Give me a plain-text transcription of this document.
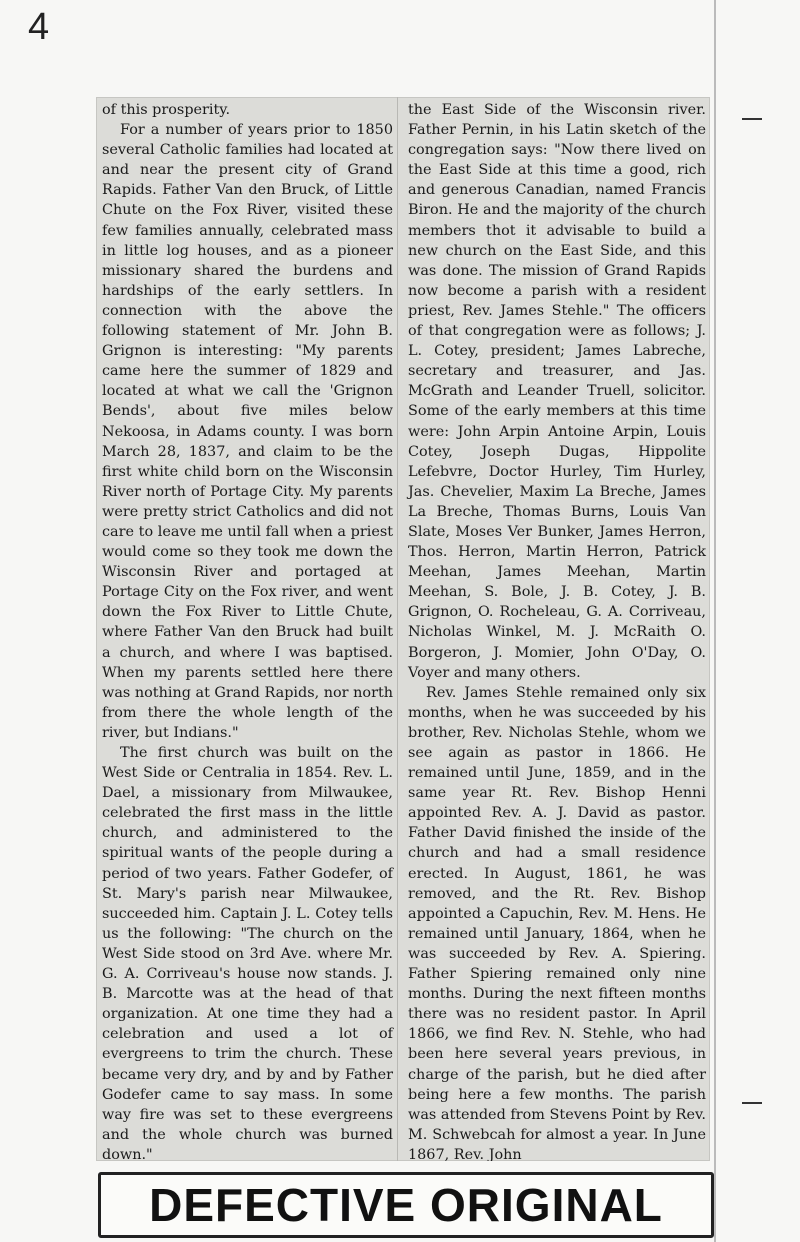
4

of this prosperity.

For a number of years prior to 1850 several Catholic families had located at and near the present city of Grand Rapids. Father Van den Bruck, of Little Chute on the Fox River, visited these few families annually, celebrated mass in little log houses, and as a pioneer missionary shared the burdens and hardships of the early settlers. In connection with the above the following statement of Mr. John B. Grignon is interesting: "My parents came here the summer of 1829 and located at what we call the 'Grignon Bends', about five miles below Nekoosa, in Adams county. I was born March 28, 1837, and claim to be the first white child born on the Wisconsin River north of Portage City. My parents were pretty strict Catholics and did not care to leave me until fall when a priest would come so they took me down the Wisconsin River and portaged at Portage City on the Fox river, and went down the Fox River to Little Chute, where Father Van den Bruck had built a church, and where I was baptised. When my parents settled here there was nothing at Grand Rapids, nor north from there the whole length of the river, but Indians."

The first church was built on the West Side or Centralia in 1854. Rev. L. Dael, a missionary from Milwaukee, celebrated the first mass in the little church, and administered to the spiritual wants of the people during a period of two years. Father Godefer, of St. Mary's parish near Milwaukee, succeeded him. Captain J. L. Cotey tells us the following: "The church on the West Side stood on 3rd Ave. where Mr. G. A. Corriveau's house now stands. J. B. Marcotte was at the head of that organization. At one time they had a celebration and used a lot of evergreens to trim the church. These became very dry, and by and by Father Godefer came to say mass. In some way fire was set to these evergreens and the whole church was burned down."

the East Side of the Wisconsin river. Father Pernin, in his Latin sketch of the congregation says: "Now there lived on the East Side at this time a good, rich and generous Canadian, named Francis Biron. He and the majority of the church members thot it advisable to build a new church on the East Side, and this was done. The mission of Grand Rapids now become a parish with a resident priest, Rev. James Stehle." The officers of that congregation were as follows; J. L. Cotey, president; James Labreche, secretary and treasurer, and Jas. McGrath and Leander Truell, solicitor. Some of the early members at this time were: John Arpin Antoine Arpin, Louis Cotey, Joseph Dugas, Hippolite Lefebvre, Doctor Hurley, Tim Hurley, Jas. Chevelier, Maxim La Breche, James La Breche, Thomas Burns, Louis Van Slate, Moses Ver Bunker, James Herron, Thos. Herron, Martin Herron, Patrick Meehan, James Meehan, Martin Meehan, S. Bole, J. B. Cotey, J. B. Grignon, O. Rocheleau, G. A. Corriveau, Nicholas Winkel, M. J. McRaith O. Borgeron, J. Momier, John O'Day, O. Voyer and many others.

Rev. James Stehle remained only six months, when he was succeeded by his brother, Rev. Nicholas Stehle, whom we see again as pastor in 1866. He remained until June, 1859, and in the same year Rt. Rev. Bishop Henni appointed Rev. A. J. David as pastor. Father David finished the inside of the church and had a small residence erected. In August, 1861, he was removed, and the Rt. Rev. Bishop appointed a Capuchin, Rev. M. Hens. He remained until January, 1864, when he was succeeded by Rev. A. Spiering. Father Spiering remained only nine months. During the next fifteen months there was no resident pastor. In April 1866, we find Rev. N. Stehle, who had been here several years previous, in charge of the parish, but he died after being here a few months. The parish was attended from Stevens Point by Rev. M. Schwebcah for almost a year. In June 1867, Rev. John

DEFECTIVE ORIGINAL
